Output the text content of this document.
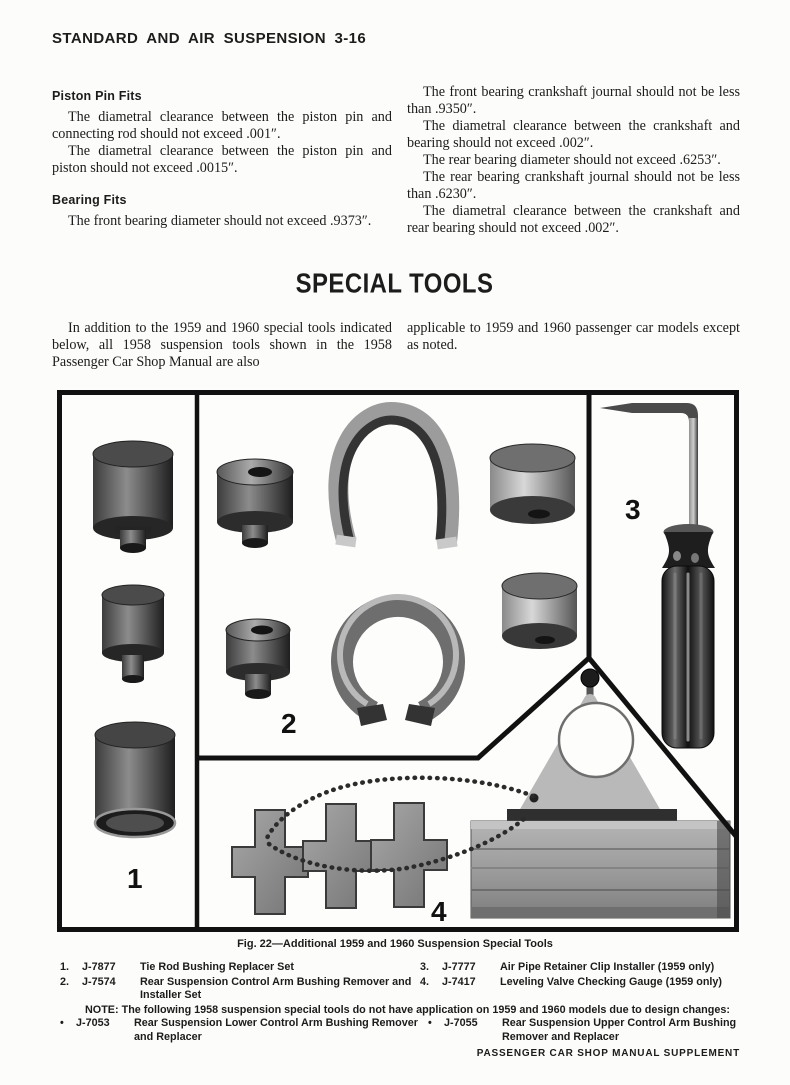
STANDARD AND AIR SUSPENSION 3-16
Piston Pin Fits

The diametral clearance between the piston pin and connecting rod should not exceed .001″.

The diametral clearance between the piston pin and piston should not exceed .0015″.

Bearing Fits

The front bearing diameter should not exceed .9373″.

The front bearing crankshaft journal should not be less than .9350″.

The diametral clearance between the crankshaft and bearing should not exceed .002″.

The rear bearing diameter should not exceed .6253″.

The rear bearing crankshaft journal should not be less than .6230″.

The diametral clearance between the crankshaft and rear bearing should not exceed .002″.

SPECIAL TOOLS

In addition to the 1959 and 1960 special tools indicated below, all 1958 suspension tools shown in the 1958 Passenger Car Shop Manual are also

applicable to 1959 and 1960 passenger car models except as noted.

1
2
3
4
Fig. 22—Additional 1959 and 1960 Suspension Special Tools
1.	J-7877	Tie Rod Bushing Replacer Set
2.	J-7574	Rear Suspension Control Arm Bushing Remover and Installer Set
3.	J-7777	Air Pipe Retainer Clip Installer (1959 only)
4.	J-7417	Leveling Valve Checking Gauge (1959 only)
NOTE: The following 1958 suspension special tools do not have application on 1959 and 1960 models due to design changes:
•	J-7053	Rear Suspension Lower Control Arm Bushing Remover and Replacer
•	J-7055	Rear Suspension Upper Control Arm Bushing Remover and Replacer
PASSENGER CAR SHOP MANUAL SUPPLEMENT
